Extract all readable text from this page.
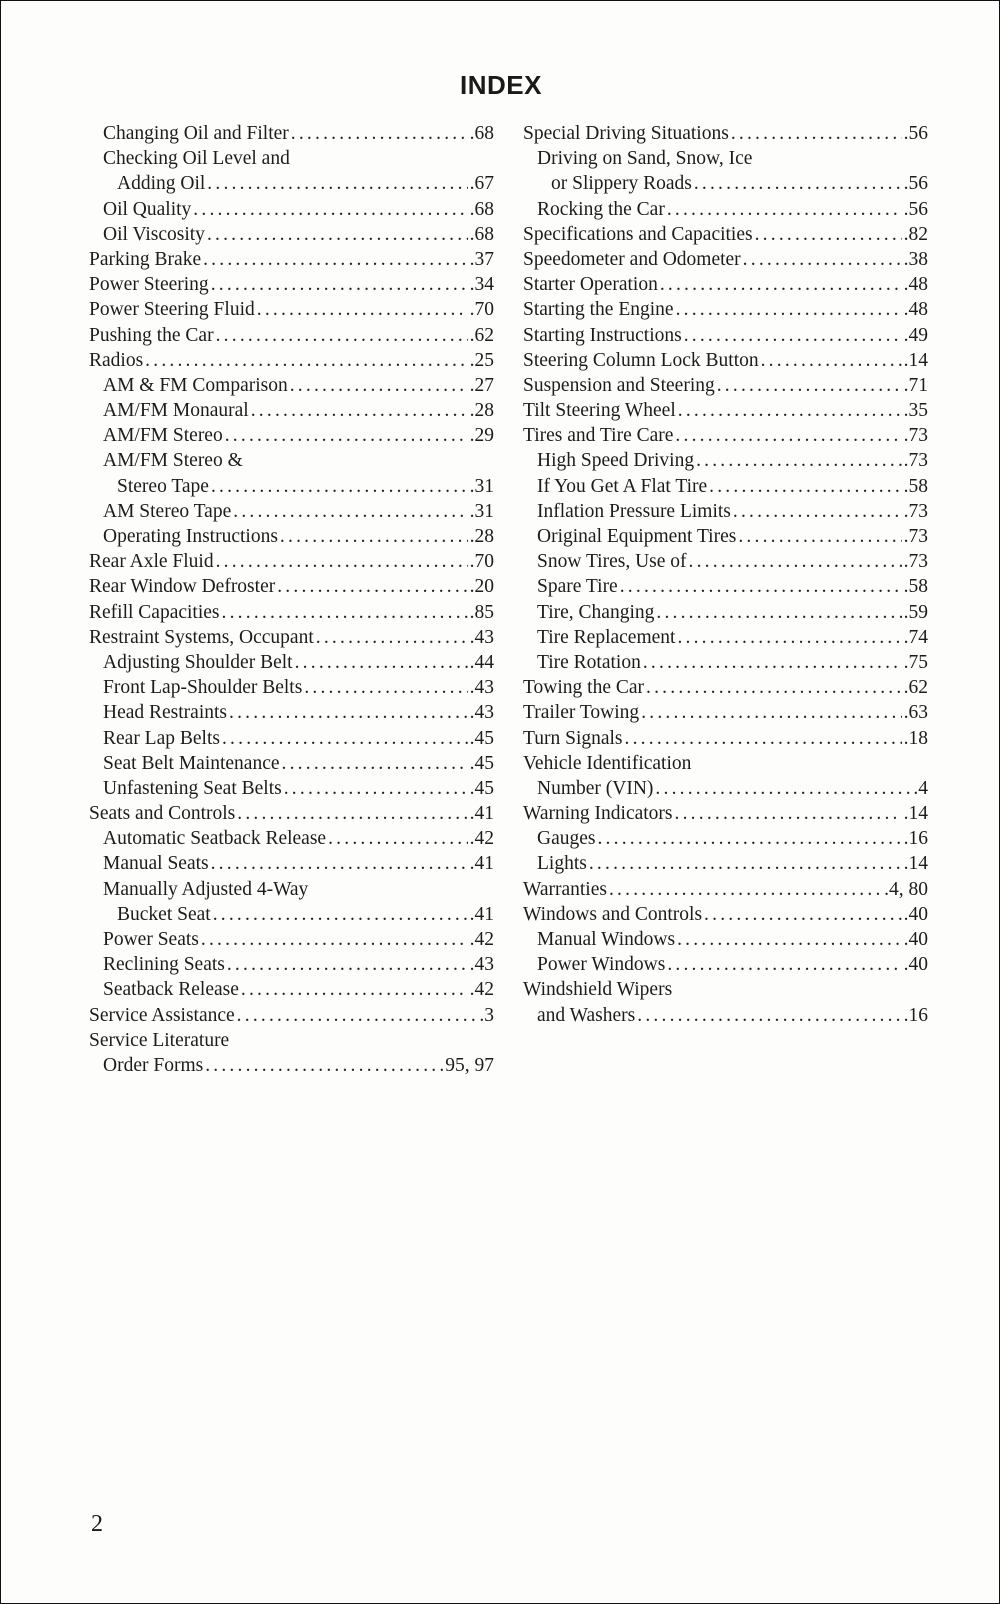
INDEX
Changing Oil and Filter .....	.68
Checking Oil Level and
Adding Oil .....	.67
Oil Quality .....	.68
Oil Viscosity .....	.68
Parking Brake .....	.37
Power Steering .....	.34
Power Steering Fluid .....	.70
Pushing the Car .....	.62
Radios .....	.25
AM & FM Comparison .....	.27
AM/FM Monaural .....	.28
AM/FM Stereo .....	.29
AM/FM Stereo &
Stereo Tape .....	.31
AM Stereo Tape .....	.31
Operating Instructions .....	.28
Rear Axle Fluid .....	.70
Rear Window Defroster .....	.20
Refill Capacities .....	.85
Restraint Systems, Occupant .....	.43
Adjusting Shoulder Belt .....	.44
Front Lap-Shoulder Belts .....	.43
Head Restraints .....	.43
Rear Lap Belts .....	.45
Seat Belt Maintenance .....	.45
Unfastening Seat Belts .....	.45
Seats and Controls .....	.41
Automatic Seatback Release .....	.42
Manual Seats .....	.41
Manually Adjusted 4-Way
Bucket Seat .....	.41
Power Seats .....	.42
Reclining Seats .....	.43
Seatback Release .....	.42
Service Assistance .....	.3
Service Literature
Order Forms .....	95, 97
Special Driving Situations .....	.56
Driving on Sand, Snow, Ice
or Slippery Roads .....	.56
Rocking the Car .....	.56
Specifications and Capacities .....	.82
Speedometer and Odometer .....	.38
Starter Operation .....	.48
Starting the Engine .....	.48
Starting Instructions .....	.49
Steering Column Lock Button .....	.14
Suspension and Steering .....	.71
Tilt Steering Wheel .....	.35
Tires and Tire Care .....	.73
High Speed Driving .....	.73
If You Get A Flat Tire .....	.58
Inflation Pressure Limits .....	.73
Original Equipment Tires .....	.73
Snow Tires, Use of .....	.73
Spare Tire .....	.58
Tire, Changing .....	.59
Tire Replacement .....	.74
Tire Rotation .....	.75
Towing the Car .....	.62
Trailer Towing .....	.63
Turn Signals .....	.18
Vehicle Identification
Number (VIN) .....	.4
Warning Indicators .....	.14
Gauges .....	.16
Lights .....	.14
Warranties .....	.4, 80
Windows and Controls .....	.40
Manual Windows .....	.40
Power Windows .....	.40
Windshield Wipers
and Washers .....	.16
2
